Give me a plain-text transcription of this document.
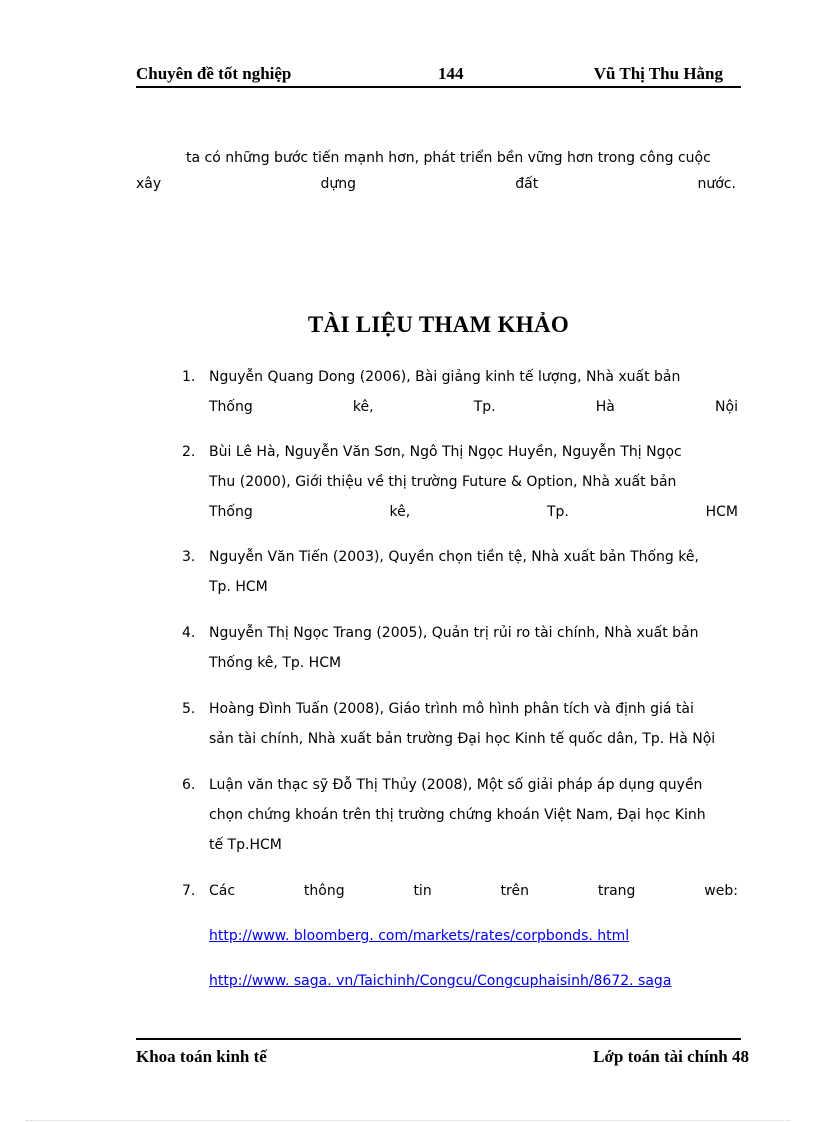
Chuyên đề tốt nghiệp	144	Vũ Thị Thu Hằng
ta có những bước tiến mạnh hơn, phát triển bền vững hơn trong công cuộc
xây	dựng	đất	nước.
TÀI LIỆU THAM KHẢO
1. Nguyễn Quang Dong (2006), Bài giảng kinh tế lượng, Nhà xuất bản
Thống	kê,	Tp.	Hà	Nội
2. Bùi Lê Hà, Nguyễn Văn Sơn, Ngô Thị Ngọc Huyền, Nguyễn Thị Ngọc
Thu (2000), Giới thiệu về thị trường Future & Option, Nhà xuất bản
Thống	kê,	Tp.	HCM
3. Nguyễn Văn Tiến (2003), Quyền chọn tiền tệ, Nhà xuất bản Thống kê,
Tp. HCM
4. Nguyễn Thị Ngọc Trang (2005), Quản trị rủi ro tài chính, Nhà xuất bản
Thống kê, Tp. HCM
5. Hoàng Đình Tuấn (2008), Giáo trình mô hình phân tích và định giá tài
sản tài chính, Nhà xuất bản trường Đại học Kinh tế quốc dân, Tp. Hà Nội
6. Luận văn thạc sỹ Đỗ Thị Thủy (2008), Một số giải pháp áp dụng quyền
chọn chứng khoán trên thị trường chứng khoán Việt Nam, Đại học Kinh
tế Tp.HCM
7. Các	thông	tin	trên	trang	web:
http://www. bloomberg. com/markets/rates/corpbonds. html
http://www. saga. vn/Taichinh/Congcu/Congcuphaisinh/8672. saga
Khoa toán kinh tế	Lớp toán tài chính 48
